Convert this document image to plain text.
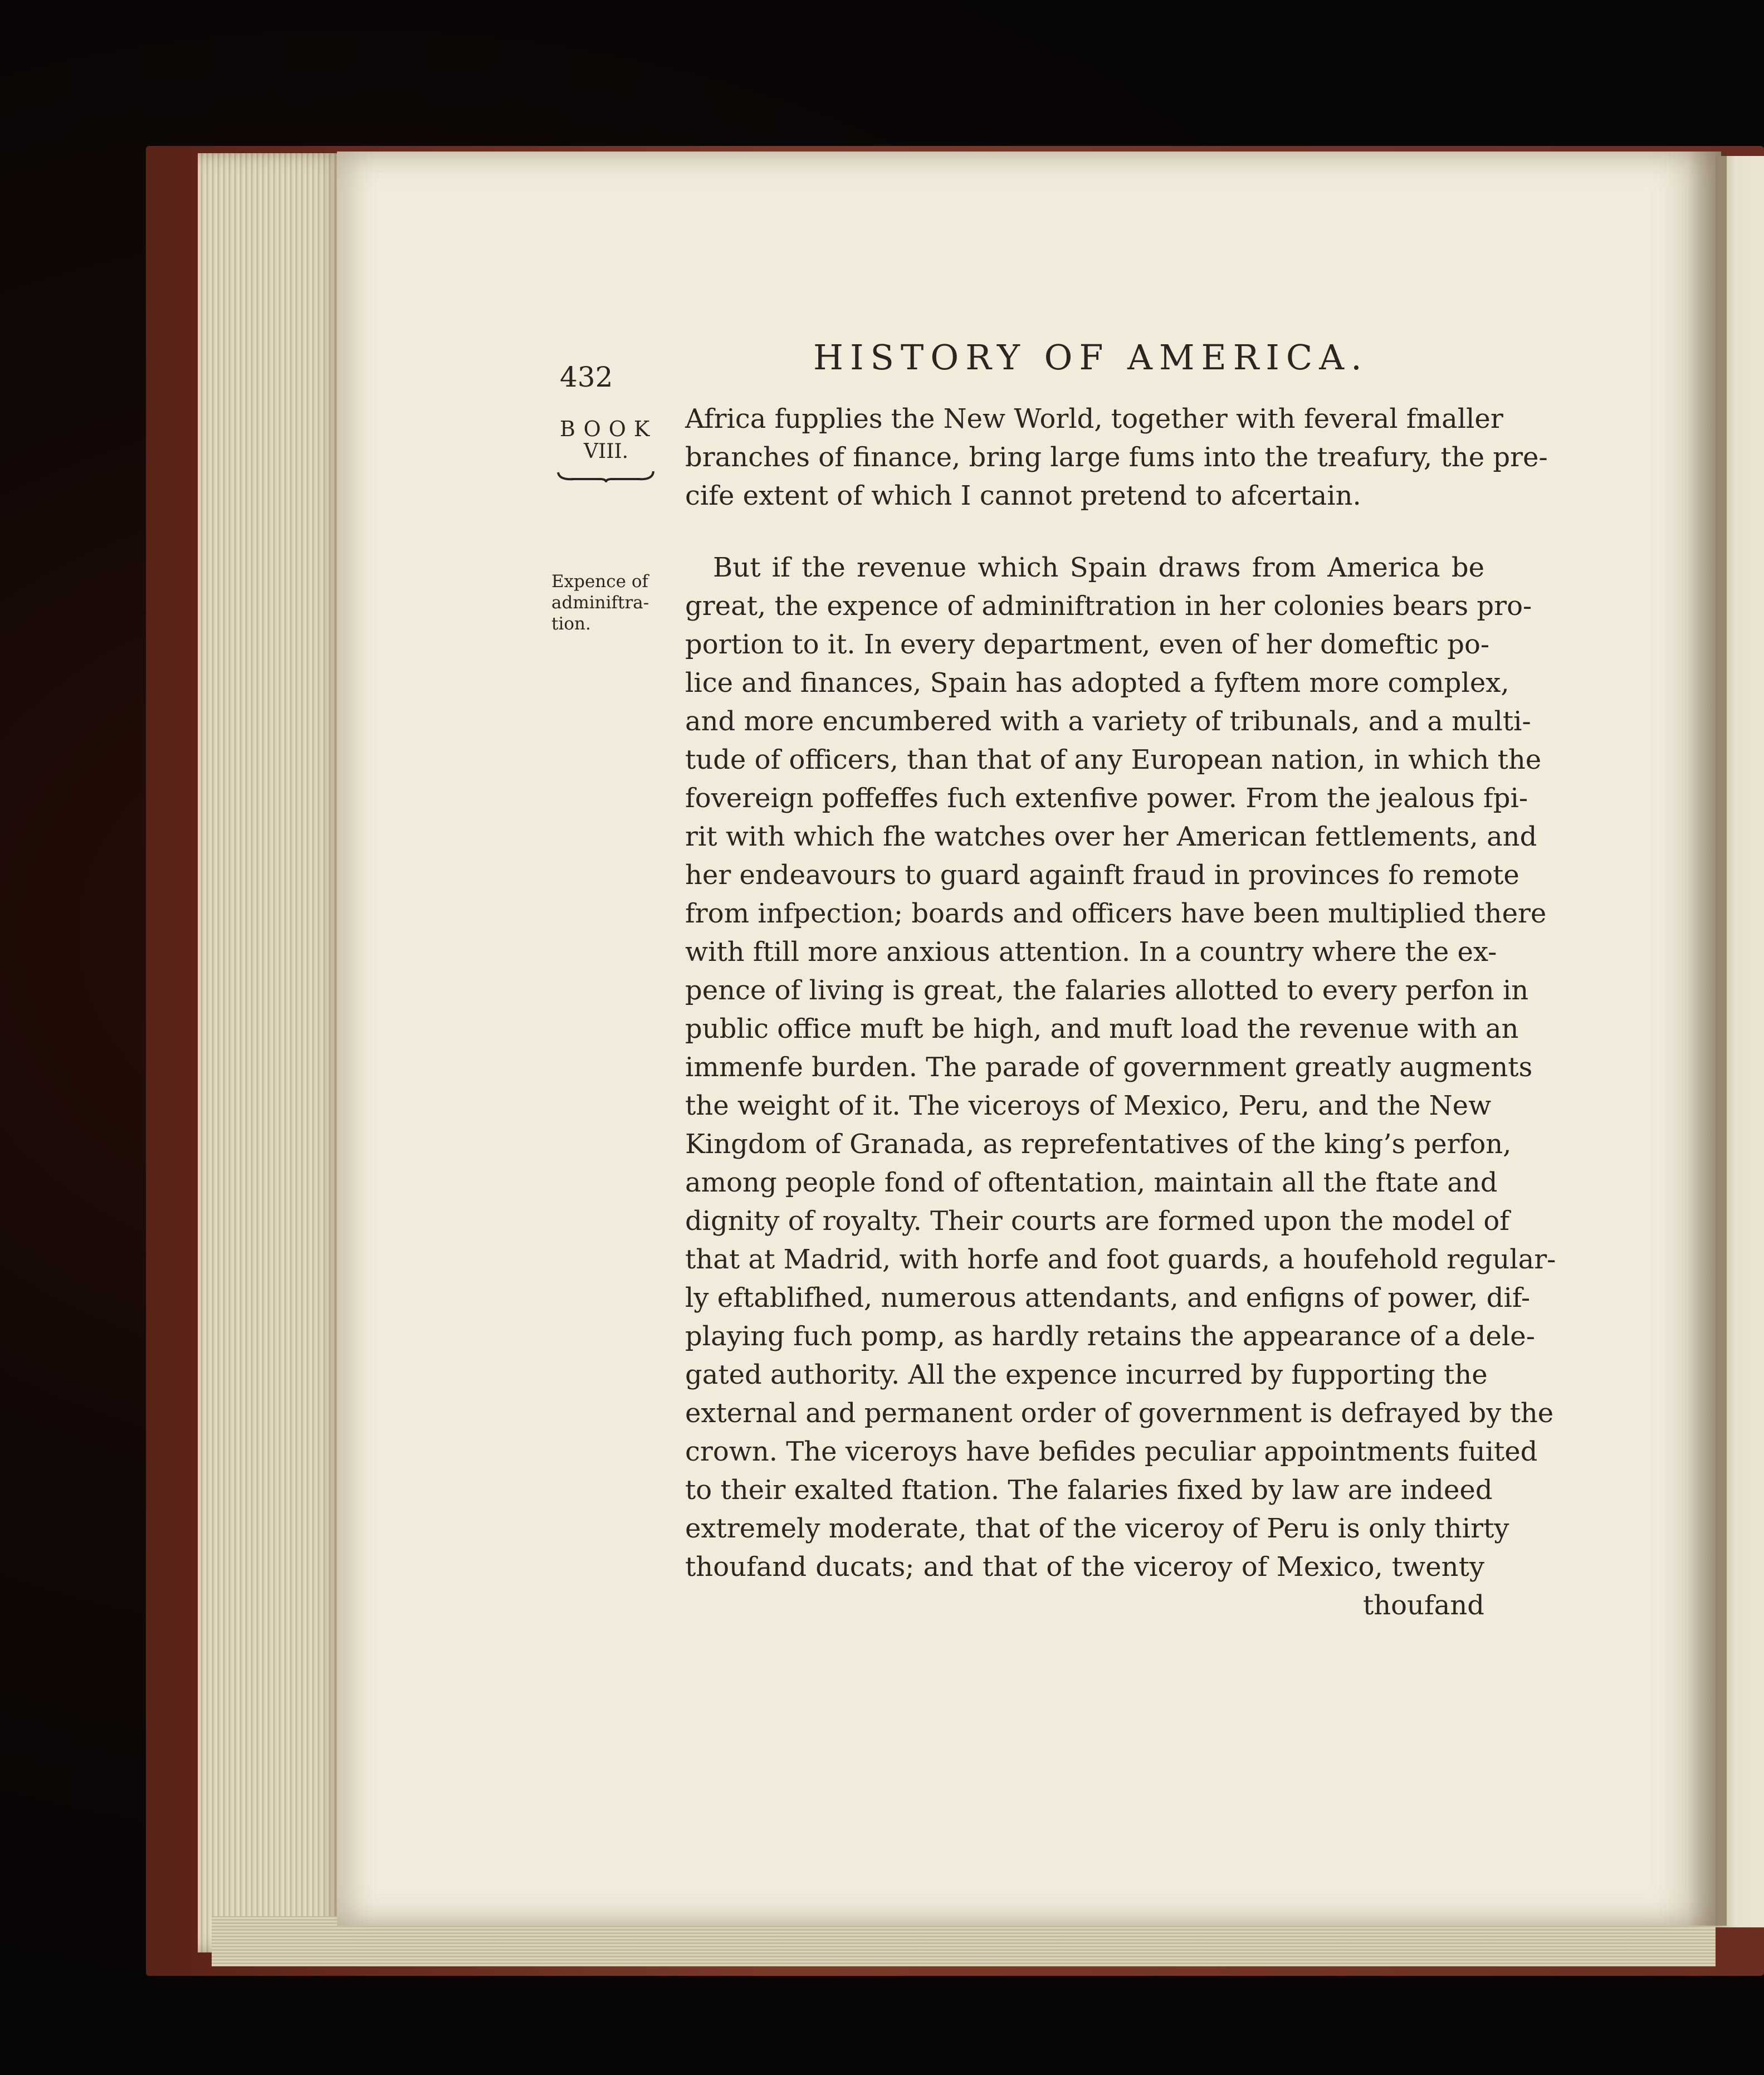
432	HISTORY OF AMERICA.
BOOK
VIII.
Expence of
adminiftra-
tion.
Africa fupplies the New World, together with feveral fmaller
branches of finance, bring large fums into the treafury, the pre-
cife extent of which I cannot pretend to afcertain.
But if the revenue which Spain draws from America be
great, the expence of adminiftration in her colonies bears pro-
portion to it. In every department, even of her domeftic po-
lice and finances, Spain has adopted a fyftem more complex,
and more encumbered with a variety of tribunals, and a multi-
tude of officers, than that of any European nation, in which the
fovereign poffeffes fuch extenfive power. From the jealous fpi-
rit with which fhe watches over her American fettlements, and
her endeavours to guard againft fraud in provinces fo remote
from infpection; boards and officers have been multiplied there
with ftill more anxious attention. In a country where the ex-
pence of living is great, the falaries allotted to every perfon in
public office muft be high, and muft load the revenue with an
immenfe burden. The parade of government greatly augments
the weight of it. The viceroys of Mexico, Peru, and the New
Kingdom of Granada, as reprefentatives of the king’s perfon,
among people fond of oftentation, maintain all the ftate and
dignity of royalty. Their courts are formed upon the model of
that at Madrid, with horfe and foot guards, a houfehold regular-
ly eftablifhed, numerous attendants, and enfigns of power, dif-
playing fuch pomp, as hardly retains the appearance of a dele-
gated authority. All the expence incurred by fupporting the
external and permanent order of government is defrayed by the
crown. The viceroys have befides peculiar appointments fuited
to their exalted ftation. The falaries fixed by law are indeed
extremely moderate, that of the viceroy of Peru is only thirty
thoufand ducats; and that of the viceroy of Mexico, twenty
thoufand
